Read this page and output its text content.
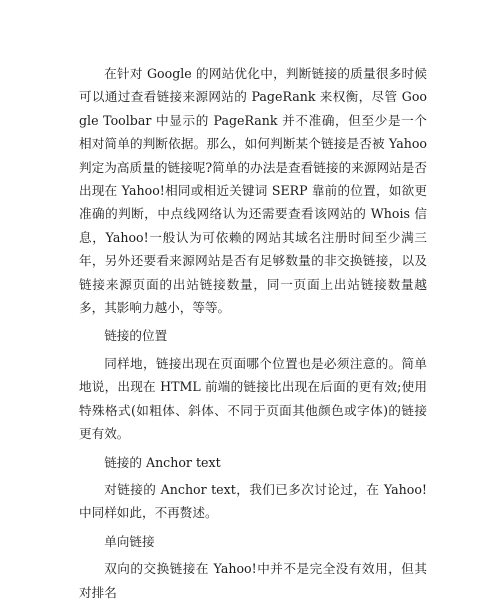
在针对 Google 的网站优化中，判断链接的质量很多时候可以通过查看链接来源网站的 PageRank 来权衡，尽管 Google Toolbar 中显示的 PageRank 并不准确，但至少是一个相对简单的判断依据。那么，如何判断某个链接是否被 Yahoo 判定为高质量的链接呢?简单的办法是查看链接的来源网站是否出现在 Yahoo!相同或相近关键词 SERP 靠前的位置，如欲更准确的判断，中点线网络认为还需要查看该网站的 Whois 信息，Yahoo!一般认为可依赖的网站其域名注册时间至少满三年，另外还要看来源网站是否有足够数量的非交换链接，以及链接来源页面的出站链接数量，同一页面上出站链接数量越多，其影响力越小，等等。

链接的位置

同样地，链接出现在页面哪个位置也是必须注意的。简单地说，出现在 HTML 前端的链接比出现在后面的更有效;使用特殊格式(如粗体、斜体、不同于页面其他颜色或字体)的链接更有效。

链接的 Anchor text

对链接的 Anchor text，我们已多次讨论过，在 Yahoo!中同样如此，不再赘述。

单向链接

双向的交换链接在 Yahoo!中并不是完全没有效用，但其对排名
